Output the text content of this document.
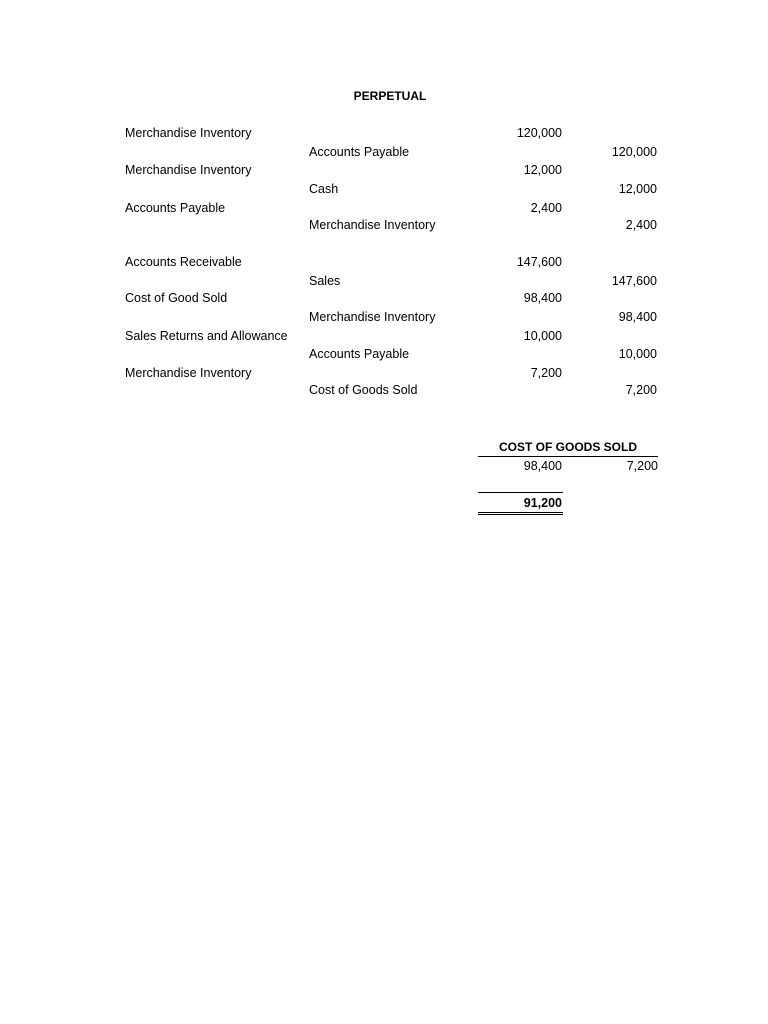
PERPETUAL
Merchandise Inventory	120,000
Accounts Payable	120,000
Merchandise Inventory	12,000
Cash	12,000
Accounts Payable	2,400
Merchandise Inventory	2,400
Accounts Receivable	147,600
Sales	147,600
Cost of Good Sold	98,400
Merchandise Inventory	98,400
Sales Returns and Allowance	10,000
Accounts Payable	10,000
Merchandise Inventory	7,200
Cost of Goods Sold	7,200
COST OF GOODS SOLD
98,400	7,200
91,200
